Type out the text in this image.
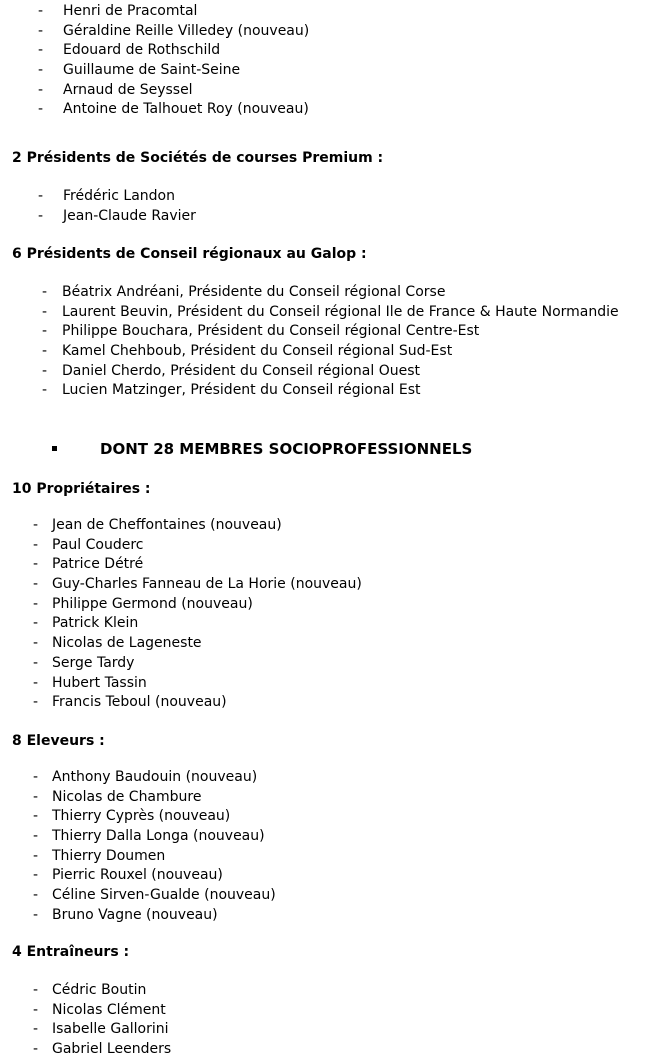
- Henri de Pracomtal
- Géraldine Reille Villedey (nouveau)
- Edouard de Rothschild
- Guillaume de Saint-Seine
- Arnaud de Seyssel
- Antoine de Talhouet Roy (nouveau)
2 Présidents de Sociétés de courses Premium :
- Frédéric Landon
- Jean-Claude Ravier
6 Présidents de Conseil régionaux au Galop :
- Béatrix Andréani, Présidente du Conseil régional Corse
- Laurent Beuvin, Président du Conseil régional Ile de France & Haute Normandie
- Philippe Bouchara, Président du Conseil régional Centre-Est
- Kamel Chehboub, Président du Conseil régional Sud-Est
- Daniel Cherdo, Président du Conseil régional Ouest
- Lucien Matzinger, Président du Conseil régional Est
DONT 28 MEMBRES SOCIOPROFESSIONNELS
10 Propriétaires :
- Jean de Cheffontaines (nouveau)
- Paul Couderc
- Patrice Détré
- Guy-Charles Fanneau de La Horie (nouveau)
- Philippe Germond (nouveau)
- Patrick Klein
- Nicolas de Lageneste
- Serge Tardy
- Hubert Tassin
- Francis Teboul (nouveau)
8 Eleveurs :
- Anthony Baudouin (nouveau)
- Nicolas de Chambure
- Thierry Cyprès (nouveau)
- Thierry Dalla Longa (nouveau)
- Thierry Doumen
- Pierric Rouxel (nouveau)
- Céline Sirven-Gualde (nouveau)
- Bruno Vagne (nouveau)
4 Entraîneurs :
- Cédric Boutin
- Nicolas Clément
- Isabelle Gallorini
- Gabriel Leenders
